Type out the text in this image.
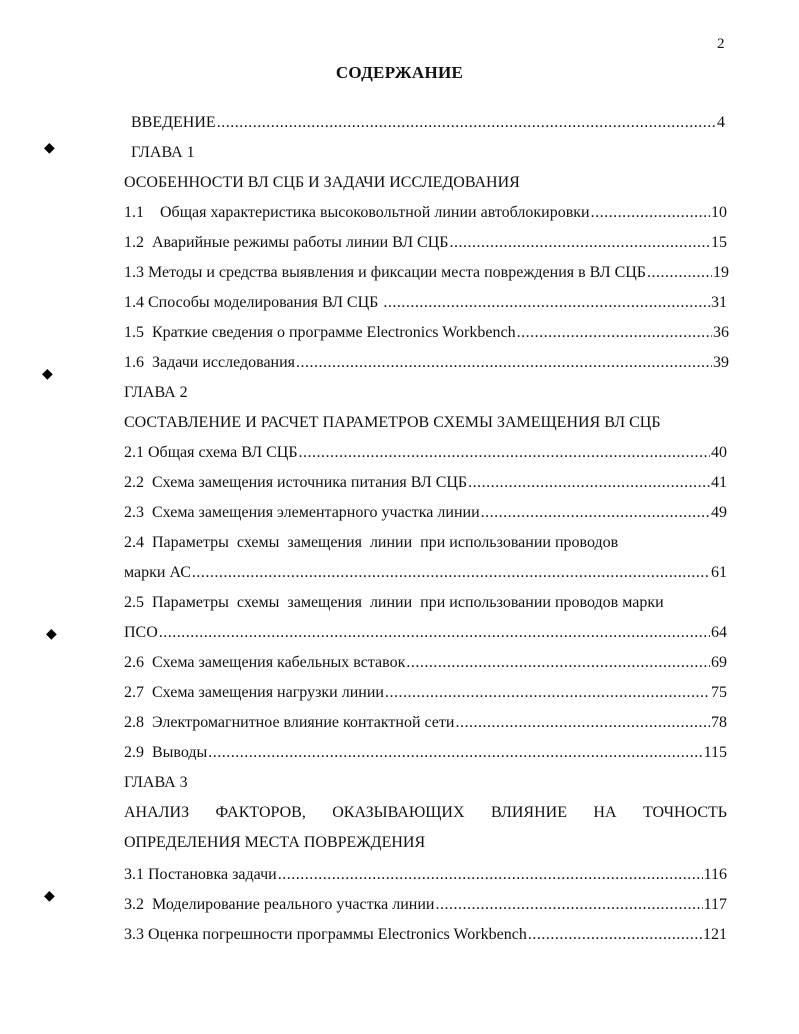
2
СОДЕРЖАНИЕ
◆
◆
◆
◆
ВВЕДЕНИЕ .....	4
ГЛАВА 1
ОСОБЕННОСТИ ВЛ СЦБ И ЗАДАЧИ ИССЛЕДОВАНИЯ
1.1    Общая характеристика высоковольтной линии автоблокировки .....	10
1.2  Аварийные режимы работы линии ВЛ СЦБ .....	15
1.3 Методы и средства выявления и фиксации места повреждения в ВЛ СЦБ .....	19
1.4 Способы моделирования ВЛ СЦБ .....	31
1.5  Краткие сведения о программе Electronics Workbench .....	36
1.6  Задачи исследования .....	39
ГЛАВА 2
СОСТАВЛЕНИЕ И РАСЧЕТ ПАРАМЕТРОВ СХЕМЫ ЗАМЕЩЕНИЯ ВЛ СЦБ
2.1 Общая схема ВЛ СЦБ .....	40
2.2  Схема замещения источника питания ВЛ СЦБ .....	41
2.3  Схема замещения элементарного участка линии .....	49
2.4  Параметры  схемы  замещения  линии  при использовании проводов
марки АС .....	61
2.5  Параметры  схемы  замещения  линии  при использовании проводов марки
ПСО .....	64
2.6  Схема замещения кабельных вставок .....	69
2.7  Схема замещения нагрузки линии .....	75
2.8  Электромагнитное влияние контактной сети .....	78
2.9  Выводы .....	115
ГЛАВА 3
АНАЛИЗ  ФАКТОРОВ,  ОКАЗЫВАЮЩИХ  ВЛИЯНИЕ  НА  ТОЧНОСТЬ
ОПРЕДЕЛЕНИЯ МЕСТА ПОВРЕЖДЕНИЯ
3.1 Постановка задачи .....	116
3.2  Моделирование реального участка линии .....	117
3.3 Оценка погрешности программы Electronics Workbench .....	121
